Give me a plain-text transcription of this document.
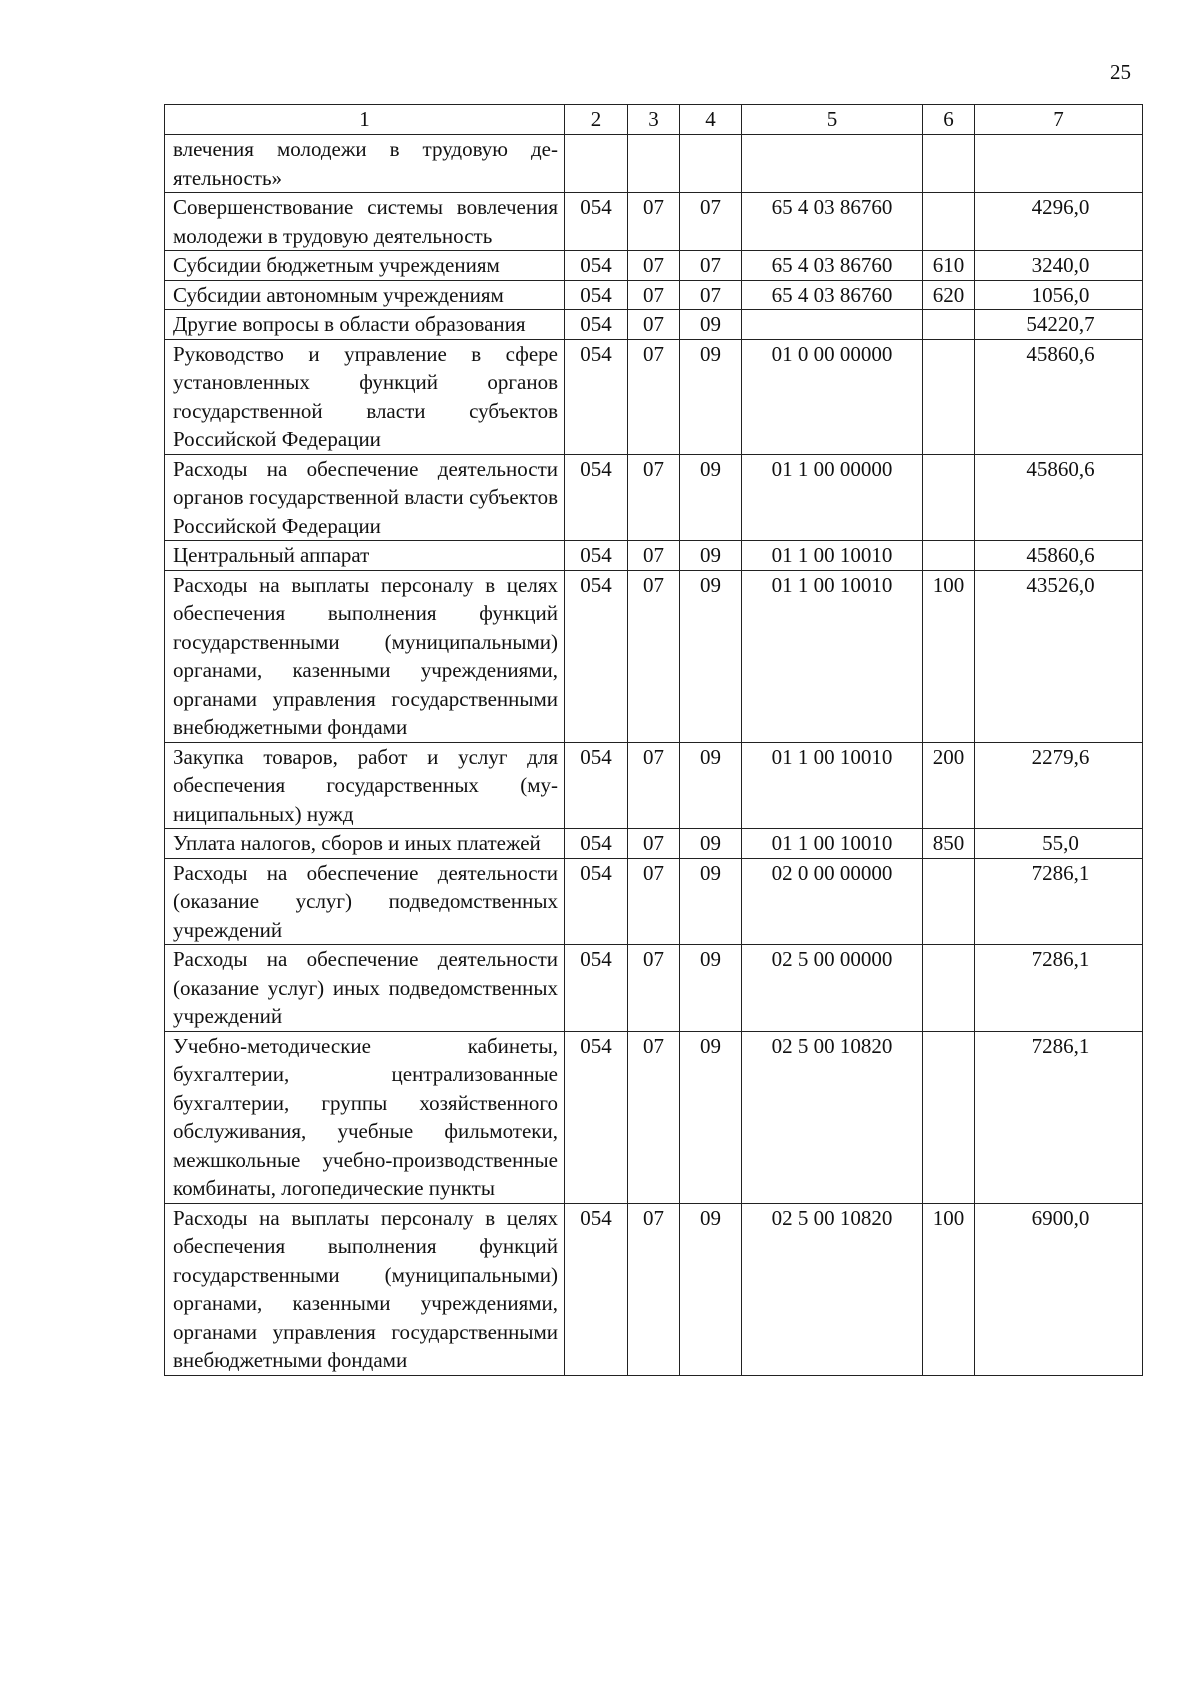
25
1	2	3	4	5	6	7
влечения молодежи в трудовую деятельность»						
Совершенствование системы вовлечения молодежи в трудовую деятельность	054	07	07	65 4 03 86760		4296,0
Субсидии бюджетным учреждениям	054	07	07	65 4 03 86760	610	3240,0
Субсидии автономным учреждениям	054	07	07	65 4 03 86760	620	1056,0
Другие вопросы в области образования	054	07	09			54220,7
Руководство и управление в сфере установленных функций органов государственной власти субъектов Российской Федерации	054	07	09	01 0 00 00000		45860,6
Расходы на обеспечение деятельности органов государственной власти субъектов Российской Федерации	054	07	09	01 1 00 00000		45860,6
Центральный аппарат	054	07	09	01 1 00 10010		45860,6
Расходы на выплаты персоналу в целях обеспечения выполнения функций государственными (муниципальными) органами, казенными учреждениями, органами управления государственными внебюджетными фондами	054	07	09	01 1 00 10010	100	43526,0
Закупка товаров, работ и услуг для обеспечения государственных (муниципальных) нужд	054	07	09	01 1 00 10010	200	2279,6
Уплата налогов, сборов и иных платежей	054	07	09	01 1 00 10010	850	55,0
Расходы на обеспечение деятельности (оказание услуг) подведомственных учреждений	054	07	09	02 0 00 00000		7286,1
Расходы на обеспечение деятельности (оказание услуг) иных подведомственных учреждений	054	07	09	02 5 00 00000		7286,1
Учебно-методические кабинеты, бухгалтерии, централизованные бухгалтерии, группы хозяйственного обслуживания, учебные фильмотеки, межшкольные учебно-производственные комбинаты, логопедические пункты	054	07	09	02 5 00 10820		7286,1
Расходы на выплаты персоналу в целях обеспечения выполнения функций государственными (муниципальными) органами, казенными учреждениями, органами управления государственными внебюджетными фондами	054	07	09	02 5 00 10820	100	6900,0
